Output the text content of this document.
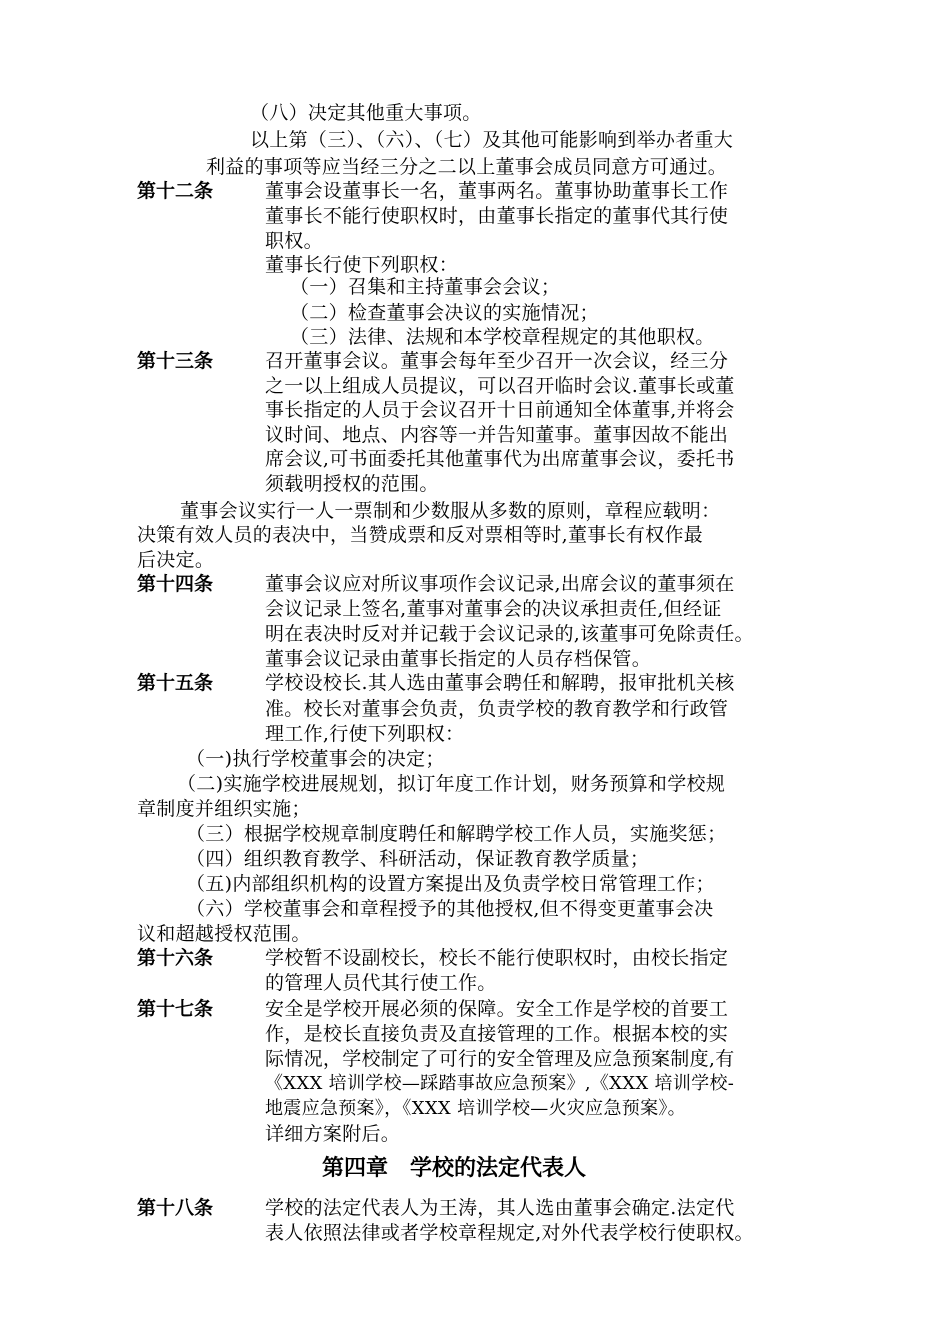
（八）决定其他重大事项。
以上第（三）、（六）、（七）及其他可能影响到举办者重大
利益的事项等应当经三分之二以上董事会成员同意方可通过。
第十二条	董事会设董事长一名，董事两名。董事协助董事长工作
董事长不能行使职权时，由董事长指定的董事代其行使
职权。
董事长行使下列职权：
（一）召集和主持董事会会议；
（二）检查董事会决议的实施情况；
（三）法律、法规和本学校章程规定的其他职权。
第十三条	召开董事会议。董事会每年至少召开一次会议，经三分
之一以上组成人员提议，可以召开临时会议.董事长或董
事长指定的人员于会议召开十日前通知全体董事,并将会
议时间、地点、内容等一并告知董事。董事因故不能出
席会议,可书面委托其他董事代为出席董事会议，委托书
须载明授权的范围。
董事会议实行一人一票制和少数服从多数的原则，章程应载明：
决策有效人员的表决中，当赞成票和反对票相等时,董事长有权作最
后决定。
第十四条	董事会议应对所议事项作会议记录,出席会议的董事须在
会议记录上签名,董事对董事会的决议承担责任,但经证
明在表决时反对并记载于会议记录的,该董事可免除责任。
董事会议记录由董事长指定的人员存档保管。
第十五条	学校设校长.其人选由董事会聘任和解聘，报审批机关核
准。校长对董事会负责，负责学校的教育教学和行政管
理工作,行使下列职权：
（一)执行学校董事会的决定；
（二)实施学校进展规划，拟订年度工作计划，财务预算和学校规
章制度并组织实施；
（三）根据学校规章制度聘任和解聘学校工作人员，实施奖惩；
（四）组织教育教学、科研活动，保证教育教学质量；
（五)内部组织机构的设置方案提出及负责学校日常管理工作；
（六）学校董事会和章程授予的其他授权,但不得变更董事会决
议和超越授权范围。
第十六条	学校暂不设副校长，校长不能行使职权时，由校长指定
的管理人员代其行使工作。
第十七条	安全是学校开展必须的保障。安全工作是学校的首要工
作，是校长直接负责及直接管理的工作。根据本校的实
际情况，学校制定了可行的安全管理及应急预案制度,有
《XXX 培训学校—踩踏事故应急预案》,《XXX 培训学校-
地震应急预案》，《XXX 培训学校—火灾应急预案》。
详细方案附后。
第四章　学校的法定代表人
第十八条	学校的法定代表人为王涛，其人选由董事会确定.法定代
表人依照法律或者学校章程规定,对外代表学校行使职权。
